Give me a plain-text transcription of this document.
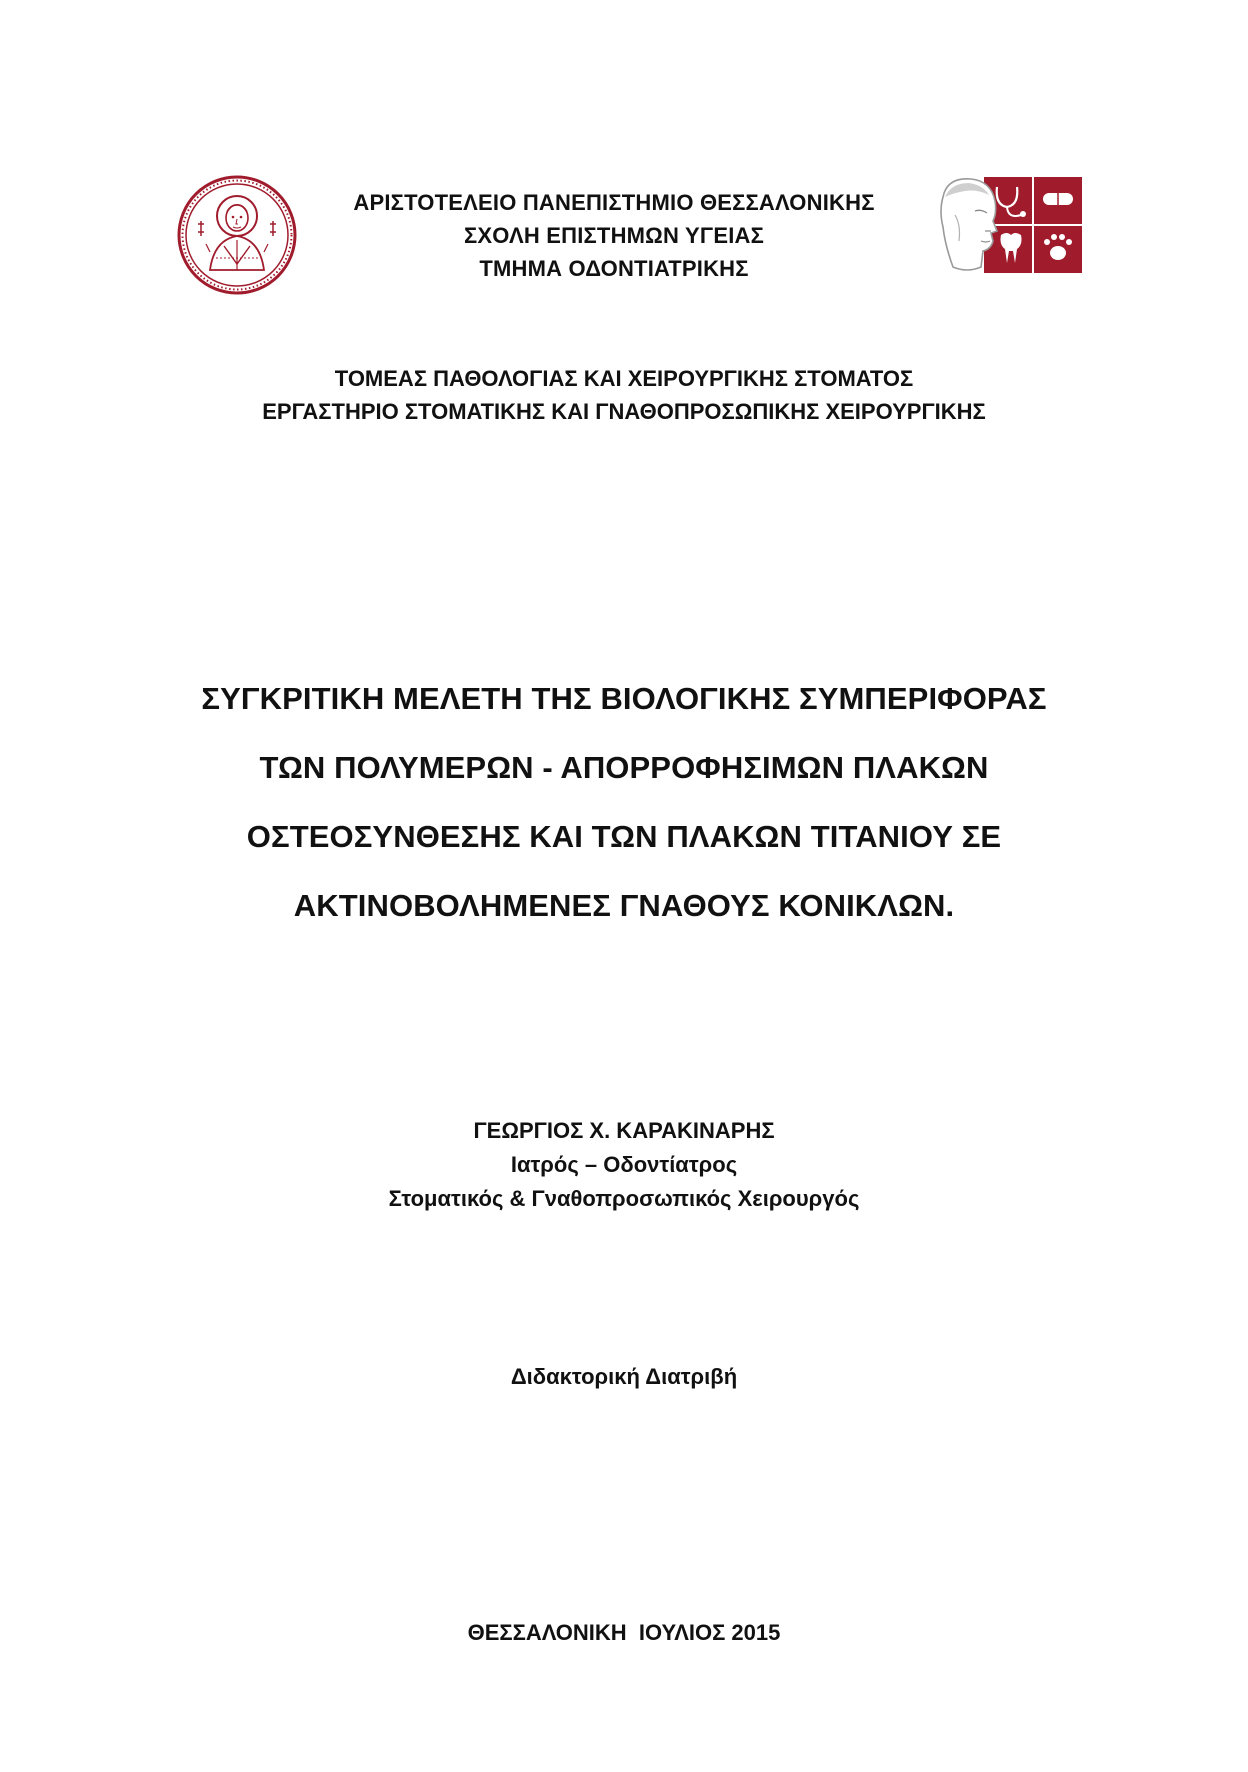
ΑΡΙΣΤΟΤΕΛΕΙΟ ΠΑΝΕΠΙΣΤΗΜΙΟ ΘΕΣΣΑΛΟΝΙΚΗΣ
ΣΧΟΛΗ ΕΠΙΣΤΗΜΩΝ ΥΓΕΙΑΣ
ΤΜΗΜΑ ΟΔΟΝΤΙΑΤΡΙΚΗΣ
ΤΟΜΕΑΣ ΠΑΘΟΛΟΓΙΑΣ ΚΑΙ ΧΕΙΡΟΥΡΓΙΚΗΣ ΣΤΟΜΑΤΟΣ
ΕΡΓΑΣΤΗΡΙΟ ΣΤΟΜΑΤΙΚΗΣ ΚΑΙ ΓΝΑΘΟΠΡΟΣΩΠΙΚΗΣ ΧΕΙΡΟΥΡΓΙΚΗΣ
ΣΥΓΚΡΙΤΙΚΗ ΜΕΛΕΤΗ ΤΗΣ ΒΙΟΛΟΓΙΚΗΣ ΣΥΜΠΕΡΙΦΟΡΑΣ
ΤΩΝ ΠΟΛΥΜΕΡΩΝ - ΑΠΟΡΡΟΦΗΣΙΜΩΝ ΠΛΑΚΩΝ
ΟΣΤΕΟΣΥΝΘΕΣΗΣ ΚΑΙ ΤΩΝ ΠΛΑΚΩΝ ΤΙΤΑΝΙΟΥ ΣΕ
ΑΚΤΙΝΟΒΟΛΗΜΕΝΕΣ ΓΝΑΘΟΥΣ ΚΟΝΙΚΛΩΝ.
ΓΕΩΡΓΙΟΣ Χ. ΚΑΡΑΚΙΝΑΡΗΣ
Ιατρός – Οδοντίατρος
Στοματικός & Γναθοπροσωπικός Χειρουργός
Διδακτορική Διατριβή

ΘΕΣΣΑΛΟΝΙΚΗ  ΙΟΥΛΙΟΣ 2015
